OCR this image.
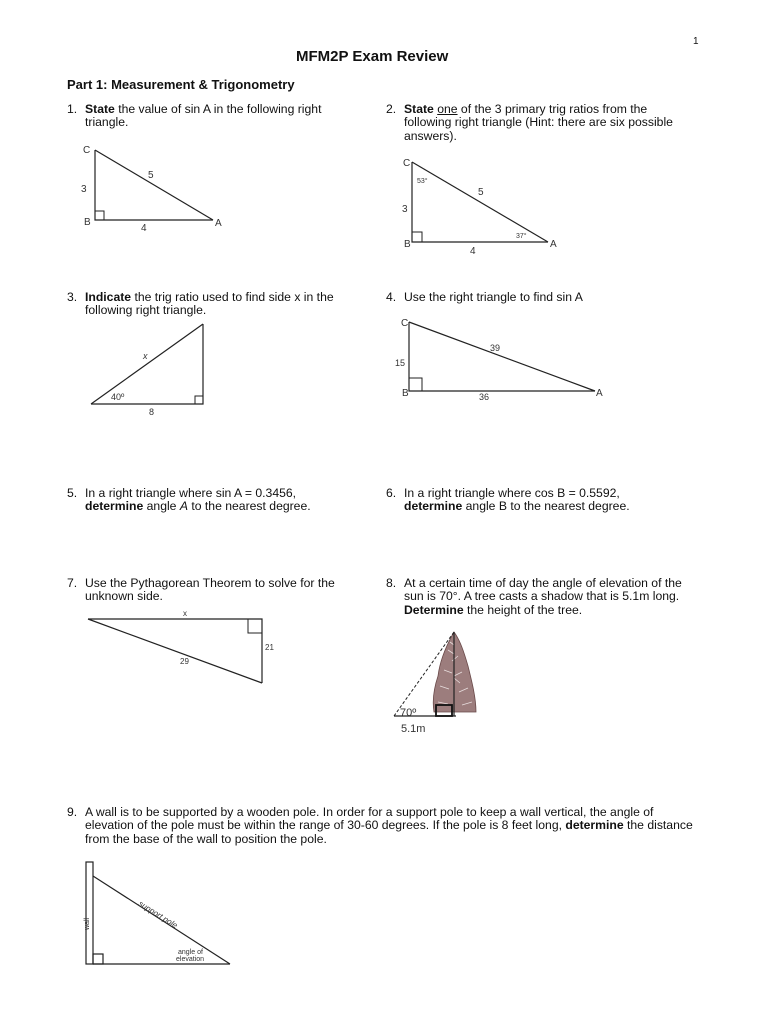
1
MFM2P Exam Review
Part 1: Measurement & Trigonometry
1. State the value of sin A in the following right triangle.
C
B	A
3
5
4
2. State one of the 3 primary trig ratios from the following right triangle (Hint: there are six possible answers).
C
B	A
3
5
4
53°
37°
3. Indicate the trig ratio used to find side x in the following right triangle.
x
40º
8
4. Use the right triangle to find sin A
C
B	A
15
39
36
5. In a right triangle where sin A = 0.3456,
determine angle A to the nearest degree.
6. In a right triangle where cos B = 0.5592,
determine angle B to the nearest degree.
7. Use the Pythagorean Theorem to solve for the unknown side.
x
21
29
8. At a certain time of day the angle of elevation of the sun is 70°. A tree casts a shadow that is 5.1m long. Determine the height of the tree.
70º
5.1m
9. A wall is to be supported by a wooden pole. In order for a support pole to keep a wall vertical, the angle of elevation of the pole must be within the range of 30-60 degrees. If the pole is 8 feet long, determine the distance from the base of the wall to position the pole.
wall	support pole
angle of
elevation
